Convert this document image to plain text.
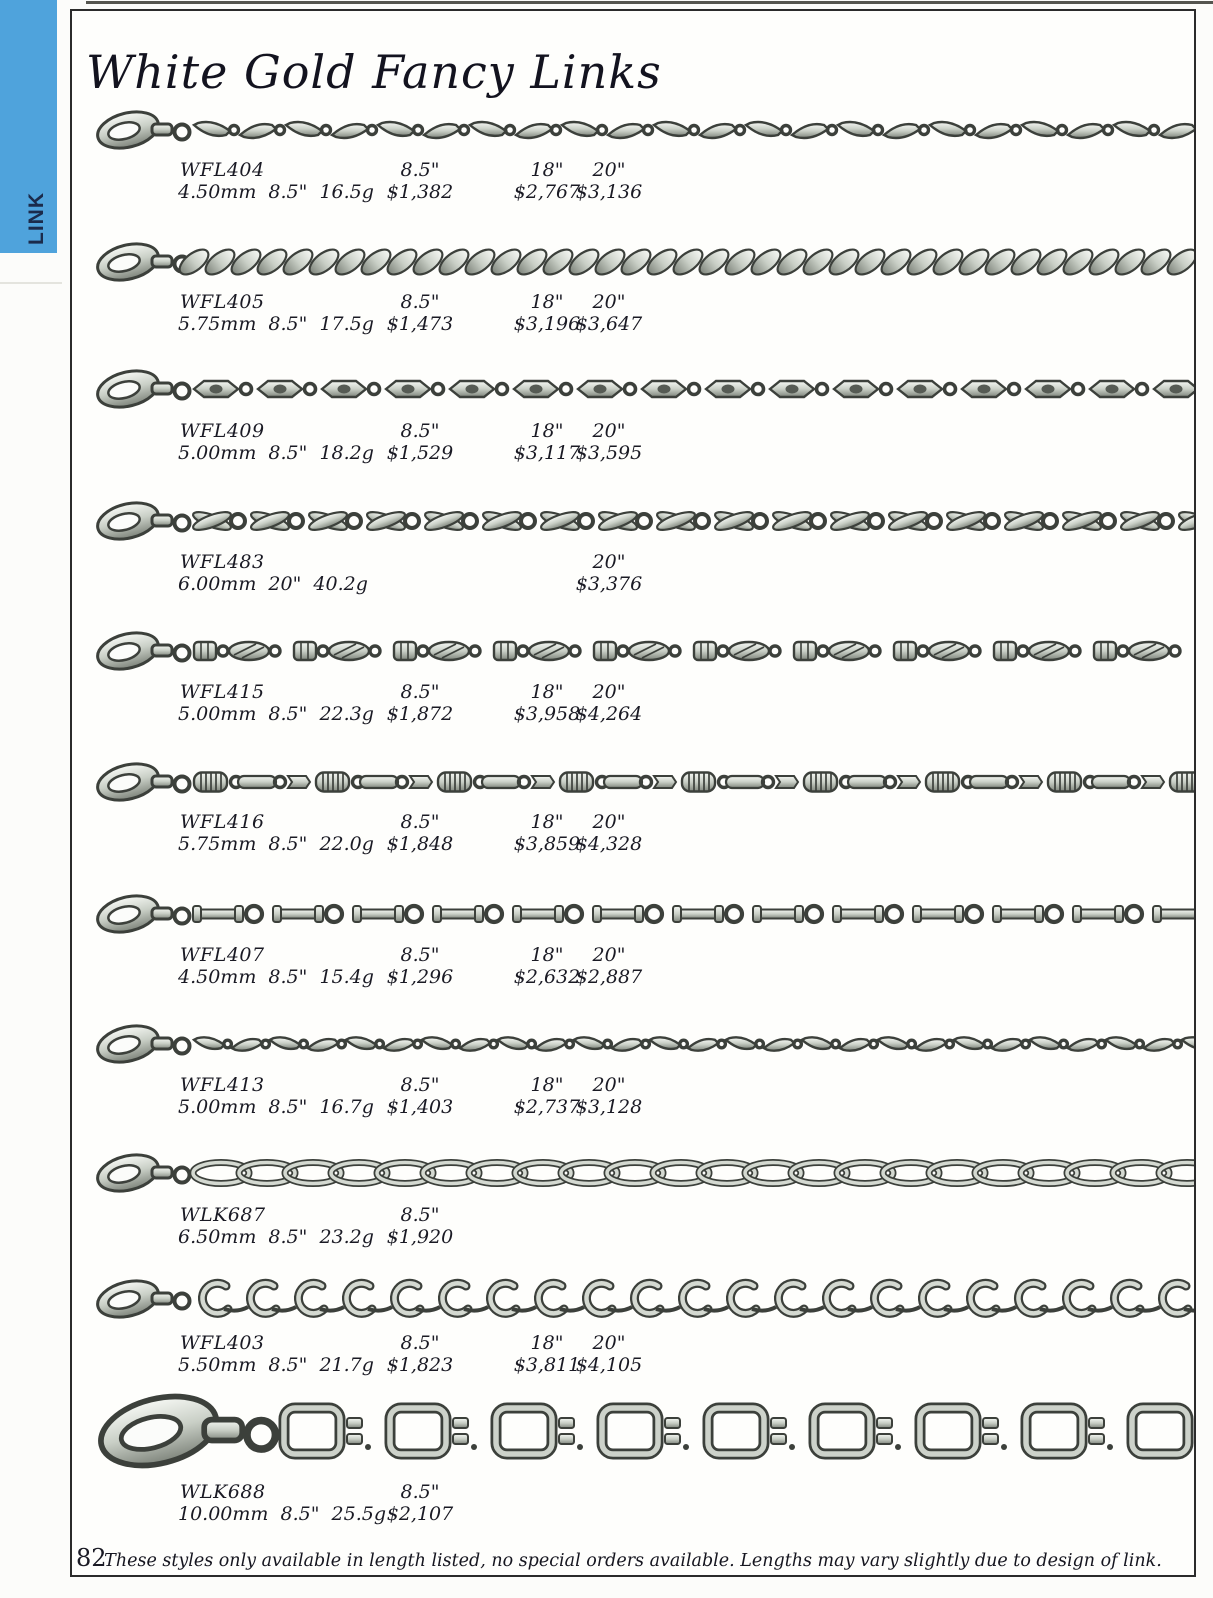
LINK
White Gold Fancy Links
WFL404
4.50mm  8.5"  16.5g
8.5"
$1,382
18"
$2,767
20"
$3,136
WFL405
5.75mm  8.5"  17.5g
8.5"
$1,473
18"
$3,196
20"
$3,647
WFL409
5.00mm  8.5"  18.2g
8.5"
$1,529
18"
$3,117
20"
$3,595
WFL483
6.00mm  20"  40.2g
20"
$3,376
WFL415
5.00mm  8.5"  22.3g
8.5"
$1,872
18"
$3,958
20"
$4,264
WFL416
5.75mm  8.5"  22.0g
8.5"
$1,848
18"
$3,859
20"
$4,328
WFL407
4.50mm  8.5"  15.4g
8.5"
$1,296
18"
$2,632
20"
$2,887
WFL413
5.00mm  8.5"  16.7g
8.5"
$1,403
18"
$2,737
20"
$3,128
WLK687
6.50mm  8.5"  23.2g
8.5"
$1,920
WFL403
5.50mm  8.5"  21.7g
8.5"
$1,823
18"
$3,811
20"
$4,105
WLK688
10.00mm  8.5"  25.5g
8.5"
$2,107
82
These styles only available in length listed, no special orders available. Lengths may vary slightly due to design of link.
